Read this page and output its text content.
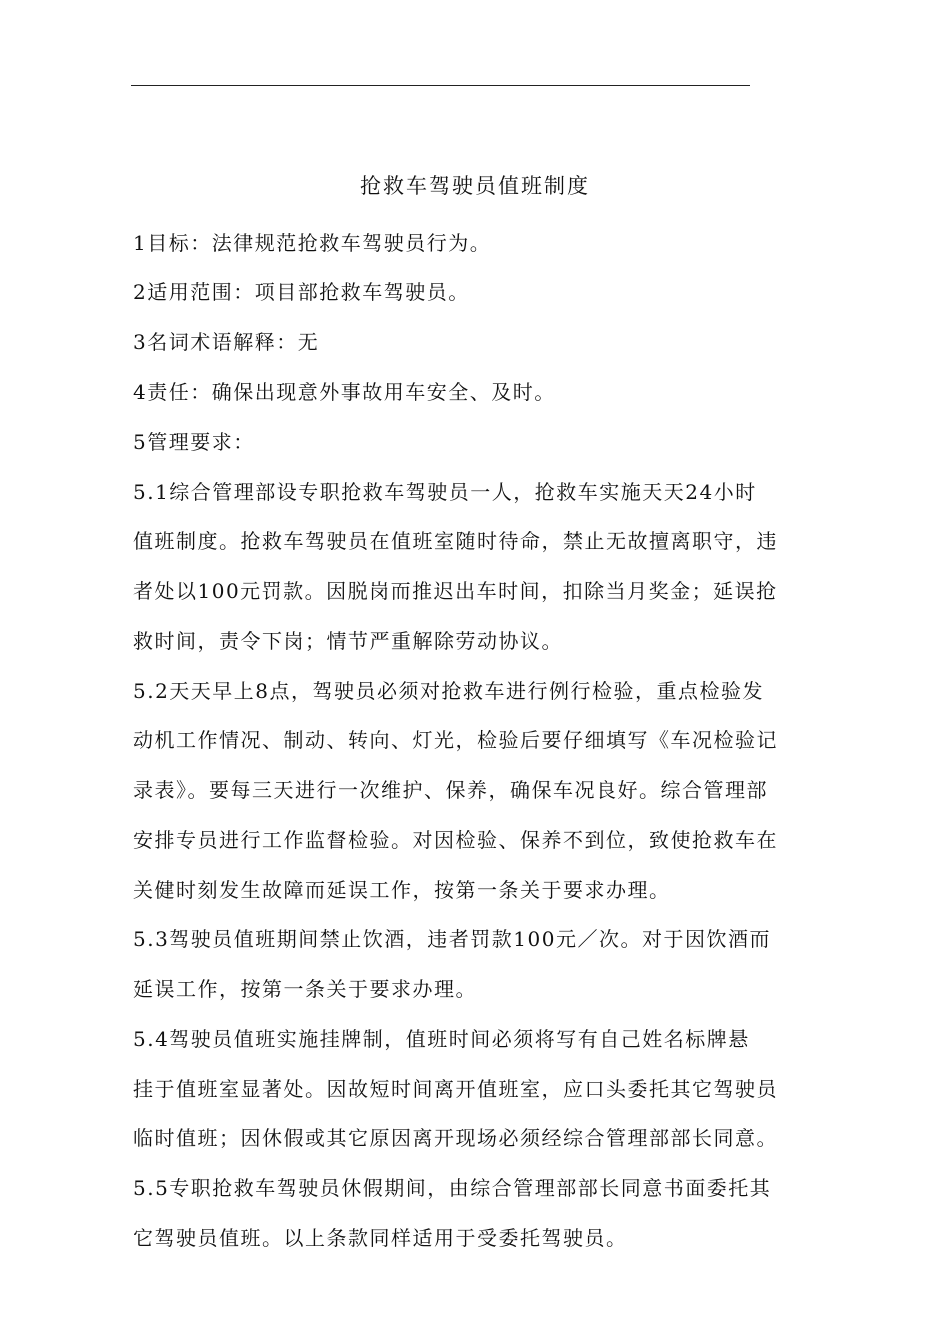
抢救车驾驶员值班制度
1目标：法律规范抢救车驾驶员行为。
2适用范围：项目部抢救车驾驶员。
3名词术语解释：无
4责任：确保出现意外事故用车安全、及时。
5管理要求：
5.1综合管理部设专职抢救车驾驶员一人，抢救车实施天天24小时
值班制度。抢救车驾驶员在值班室随时待命，禁止无故擅离职守，违
者处以100元罚款。因脱岗而推迟出车时间，扣除当月奖金；延误抢
救时间，责令下岗；情节严重解除劳动协议。
5.2天天早上8点，驾驶员必须对抢救车进行例行检验，重点检验发
动机工作情况、制动、转向、灯光，检验后要仔细填写《车况检验记
录表》。要每三天进行一次维护、保养，确保车况良好。综合管理部
安排专员进行工作监督检验。对因检验、保养不到位，致使抢救车在
关健时刻发生故障而延误工作，按第一条关于要求办理。
5.3驾驶员值班期间禁止饮酒，违者罚款100元／次。对于因饮酒而
延误工作，按第一条关于要求办理。
5.4驾驶员值班实施挂牌制，值班时间必须将写有自己姓名标牌悬
挂于值班室显著处。因故短时间离开值班室，应口头委托其它驾驶员
临时值班；因休假或其它原因离开现场必须经综合管理部部长同意。
5.5专职抢救车驾驶员休假期间，由综合管理部部长同意书面委托其
它驾驶员值班。以上条款同样适用于受委托驾驶员。
